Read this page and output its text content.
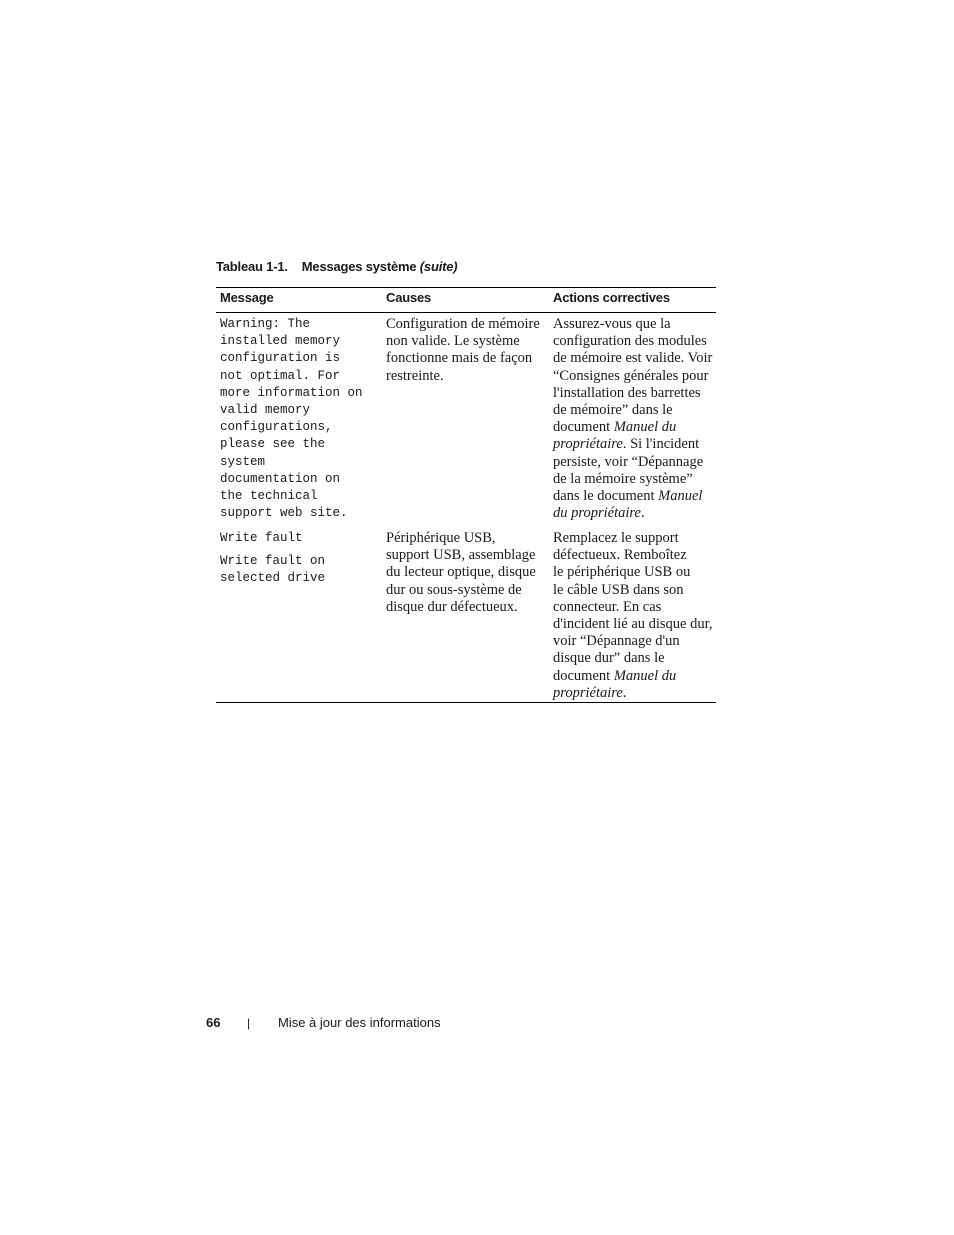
Tableau 1-1. Messages système (suite)
Message	Causes	Actions correctives
Warning: The
installed memory
configuration is
not optimal. For
more information on
valid memory
configurations,
please see the
system
documentation on
the technical
support web site.
Configuration de mémoire
non valide. Le système
fonctionne mais de façon
restreinte.
Assurez-vous que la
configuration des modules
de mémoire est valide. Voir
“Consignes générales pour
l'installation des barrettes
de mémoire” dans le
document Manuel du
propriétaire. Si l'incident
persiste, voir “Dépannage
de la mémoire système”
dans le document Manuel
du propriétaire.
Write fault
Write fault on
selected drive
Périphérique USB,
support USB, assemblage
du lecteur optique, disque
dur ou sous-système de
disque dur défectueux.
Remplacez le support
défectueux. Remboîtez
le périphérique USB ou
le câble USB dans son
connecteur. En cas
d'incident lié au disque dur,
voir “Dépannage d'un
disque dur” dans le
document Manuel du
propriétaire.
66 | Mise à jour des informations
